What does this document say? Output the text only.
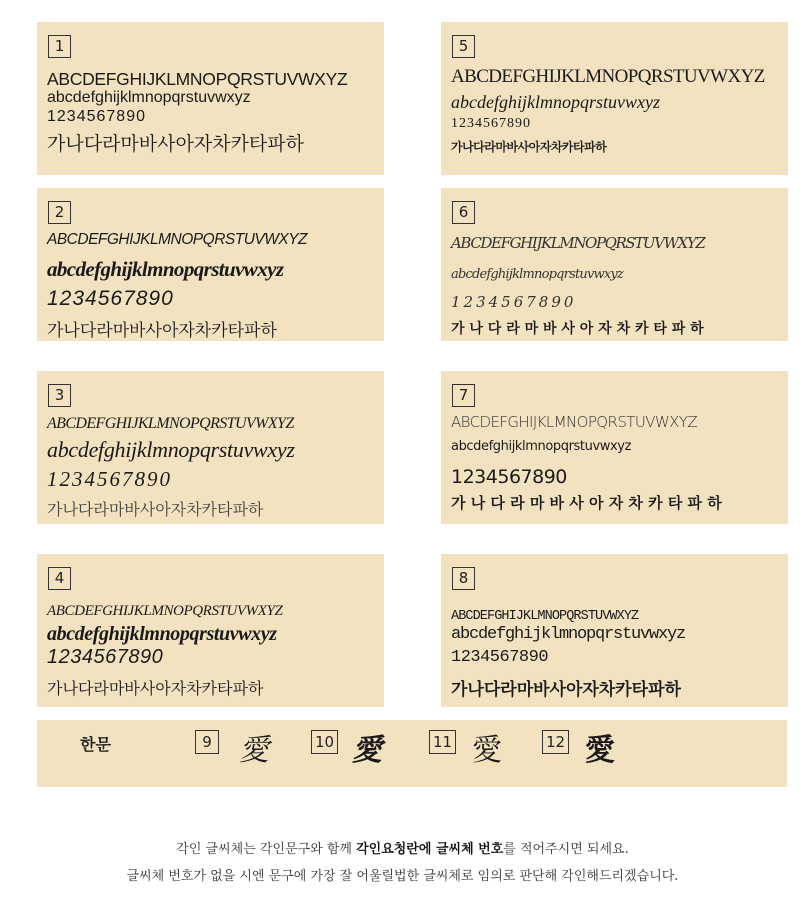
1
ABCDEFGHIJKLMNOPQRSTUVWXYZ
abcdefghijklmnopqrstuvwxyz
1234567890
가나다라마바사아자차카타파하
2
ABCDEFGHIJKLMNOPQRSTUVWXYZ
abcdefghijklmnopqrstuvwxyz
1234567890
가나다라마바사아자차카타파하
3
ABCDEFGHIJKLMNOPQRSTUVWXYZ
abcdefghijklmnopqrstuvwxyz
1234567890
가나다라마바사아자차카타파하
4
ABCDEFGHIJKLMNOPQRSTUVWXYZ
abcdefghijklmnopqrstuvwxyz
1234567890
가나다라마바사아자차카타파하
5
ABCDEFGHIJKLMNOPQRSTUVWXYZ
abcdefghijklmnopqrstuvwxyz
1234567890
가나다라마바사아자차카타파하
6
ABCDEFGHIJKLMNOPQRSTUVWXYZ
abcdefghijklmnopqrstuvwxyz
1234567890
가 나 다 라 마 바 사 아 자 차 카 타 파 하
7
ABCDEFGHIJKLMNOPQRSTUVWXYZ
abcdefghijklmnopqrstuvwxyz
1234567890
가 나 다 라 마 바 사 아 자 차 카 타 파 하
8
ABCDEFGHIJKLMNOPQRSTUVWXYZ
abcdefghijklmnopqrstuvwxyz
1234567890
가나다라마바사아자차카타파하
한문	9 愛	10 愛	11 愛	12 愛
각인 글씨체는 각인문구와 함께 각인요청란에 글씨체 번호를 적어주시면 되세요.
글씨체 번호가 없을 시엔 문구에 가장 잘 어울릴법한 글씨체로 임의로 판단해 각인해드리겠습니다.
